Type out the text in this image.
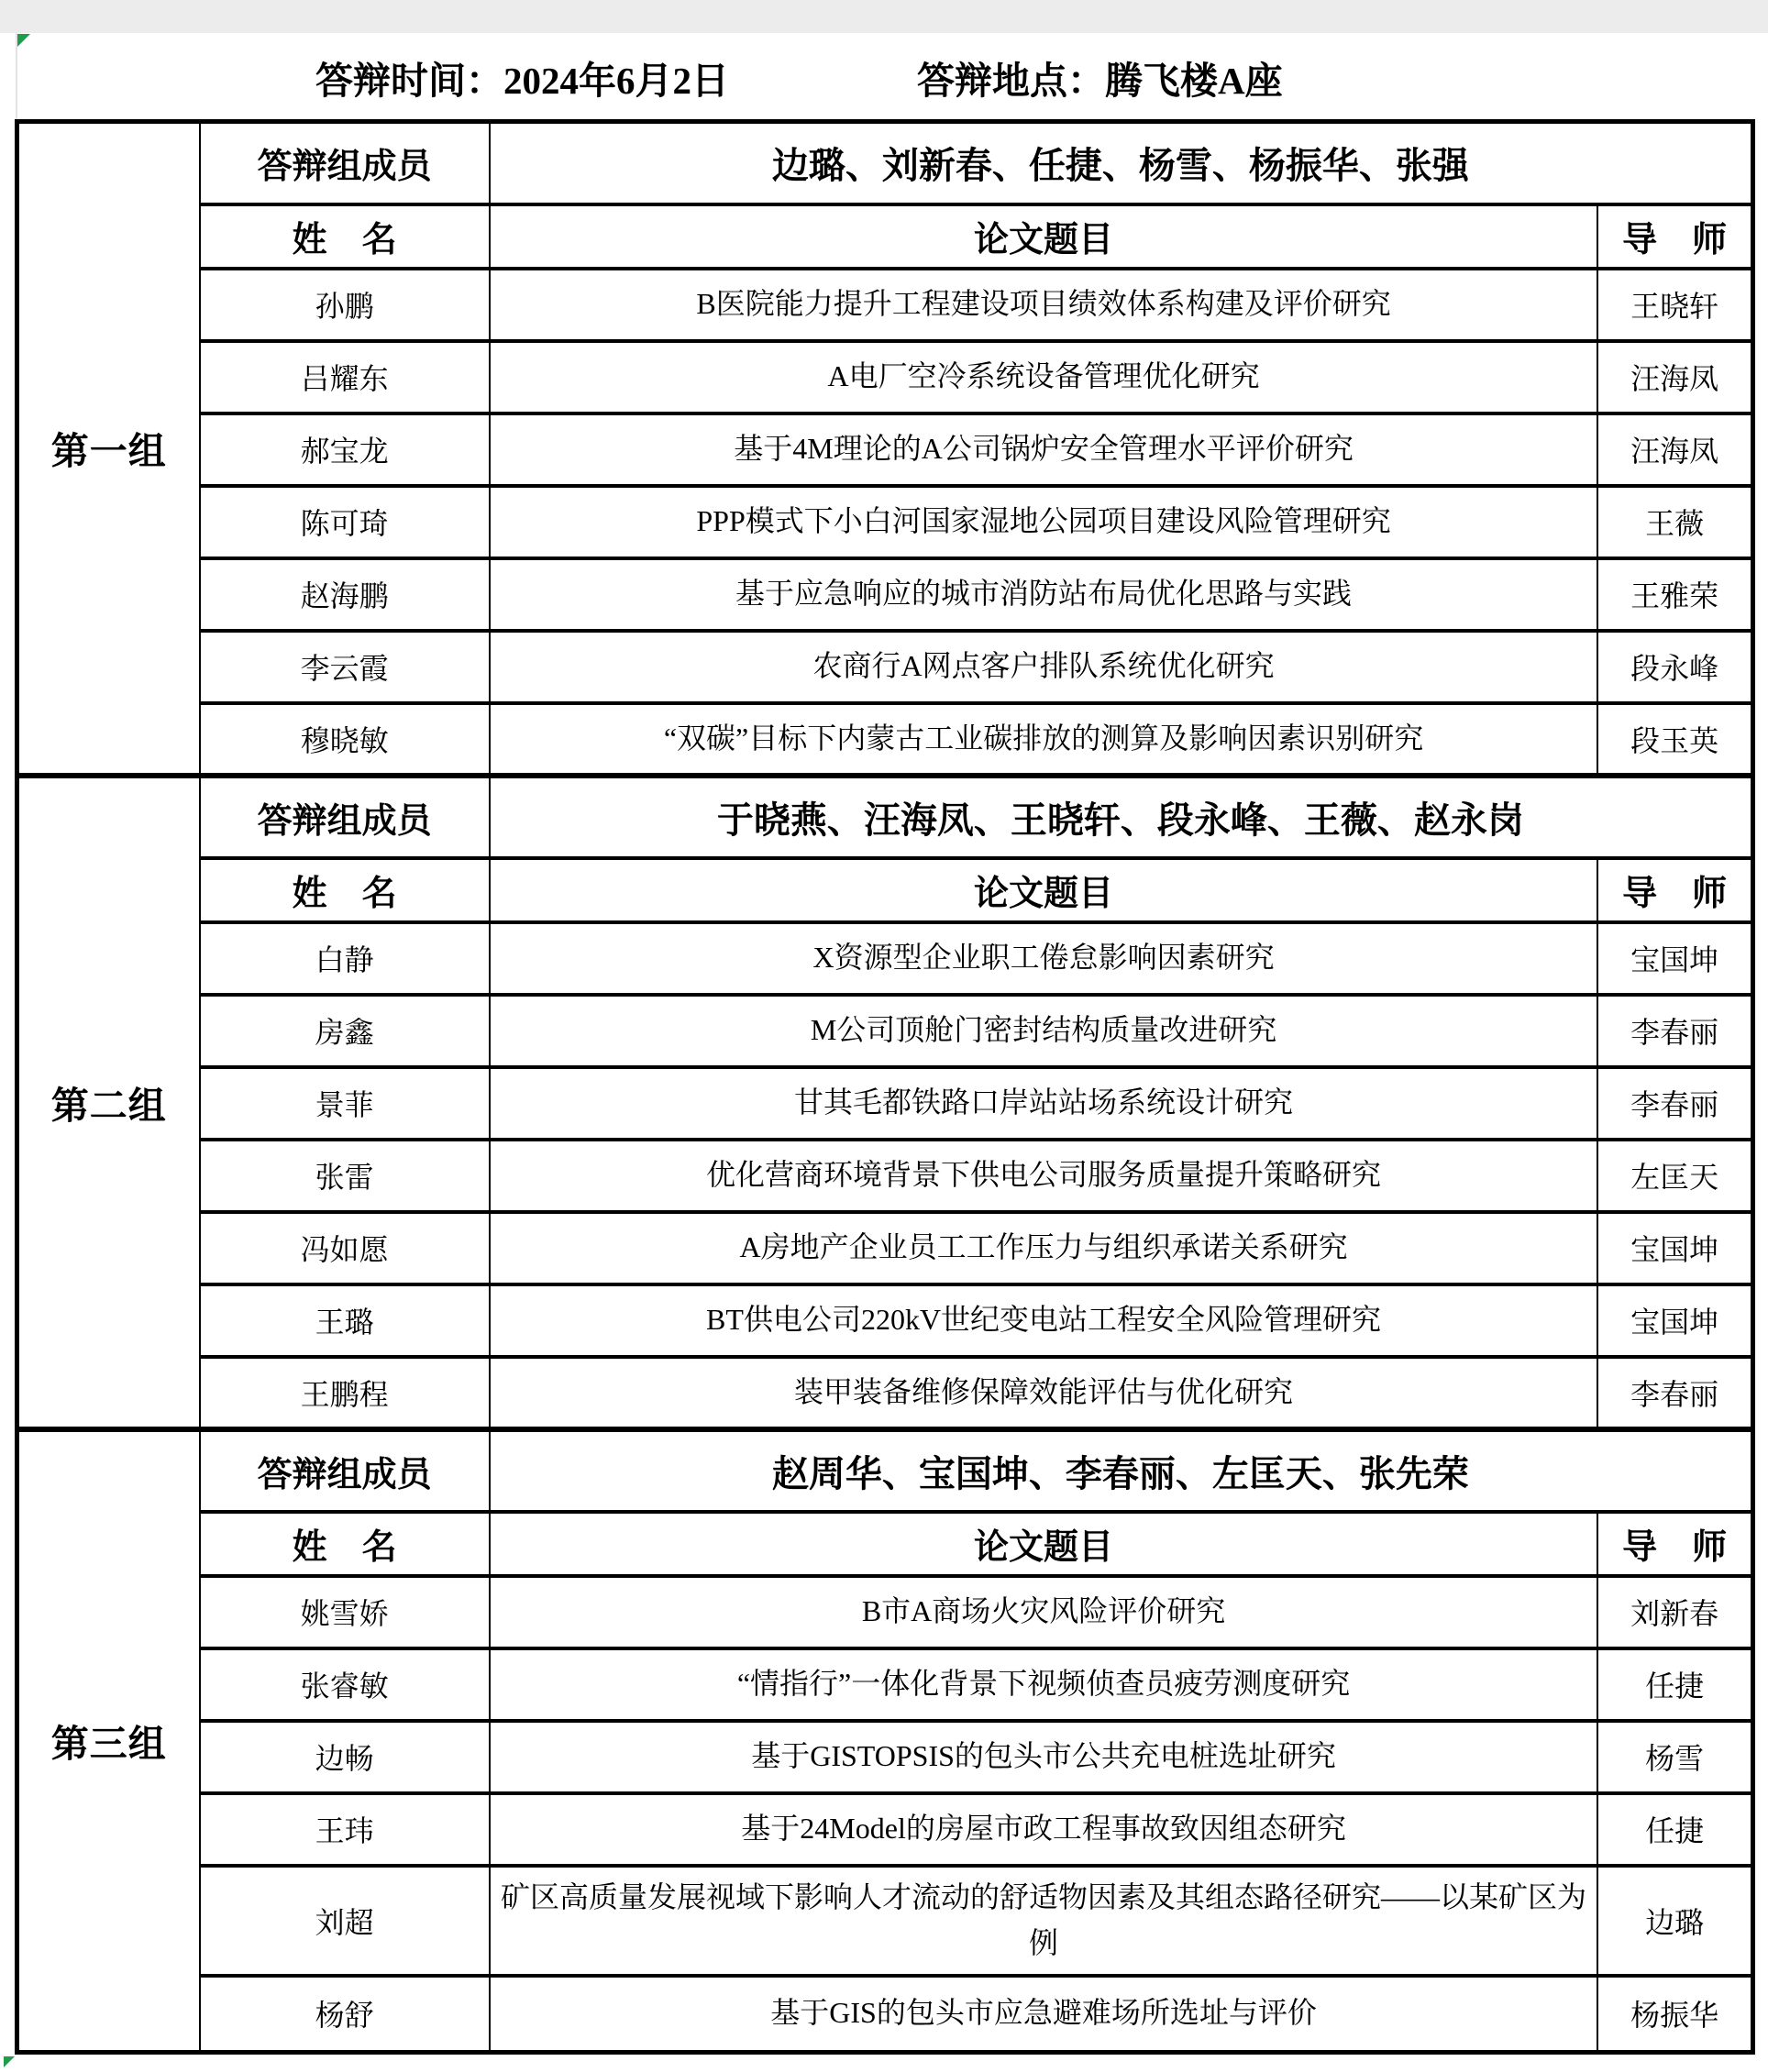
答辩时间：2024年6月2日	答辩地点：腾飞楼A座
第一组	答辩组成员	边璐、刘新春、任捷、杨雪、杨振华、张强	
	姓　名	论文题目	导　师
	孙鹏	B医院能力提升工程建设项目绩效体系构建及评价研究	王晓轩
	吕耀东	A电厂空冷系统设备管理优化研究	汪海凤
	郝宝龙	基于4M理论的A公司锅炉安全管理水平评价研究	汪海凤
	陈可琦	PPP模式下小白河国家湿地公园项目建设风险管理研究	王薇
	赵海鹏	基于应急响应的城市消防站布局优化思路与实践	王雅荣
	李云霞	农商行A网点客户排队系统优化研究	段永峰
	穆晓敏	“双碳”目标下内蒙古工业碳排放的测算及影响因素识别研究	段玉英
第二组	答辩组成员	于晓燕、汪海凤、王晓轩、段永峰、王薇、赵永岗	
	姓　名	论文题目	导　师
	白静	X资源型企业职工倦怠影响因素研究	宝国坤
	房鑫	M公司顶舱门密封结构质量改进研究	李春丽
	景菲	甘其毛都铁路口岸站站场系统设计研究	李春丽
	张雷	优化营商环境背景下供电公司服务质量提升策略研究	左匡天
	冯如愿	A房地产企业员工工作压力与组织承诺关系研究	宝国坤
	王璐	BT供电公司220kV世纪变电站工程安全风险管理研究	宝国坤
	王鹏程	装甲装备维修保障效能评估与优化研究	李春丽
第三组	答辩组成员	赵周华、宝国坤、李春丽、左匡天、张先荣	
	姓　名	论文题目	导　师
	姚雪娇	B市A商场火灾风险评价研究	刘新春
	张睿敏	“情指行”一体化背景下视频侦查员疲劳测度研究	任捷
	边畅	基于GISTOPSIS的包头市公共充电桩选址研究	杨雪
	王玮	基于24Model的房屋市政工程事故致因组态研究	任捷
	刘超	矿区高质量发展视域下影响人才流动的舒适物因素及其组态路径研究——以某矿区为例	边璐
	杨舒	基于GIS的包头市应急避难场所选址与评价	杨振华
